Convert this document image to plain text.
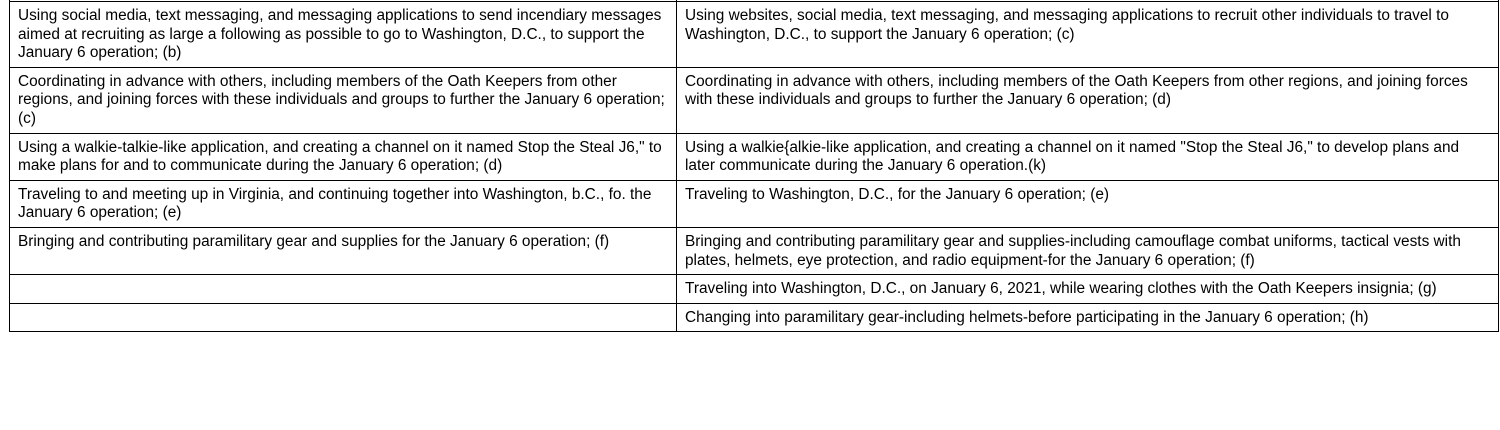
Using social media, text messaging, and messaging applications to send incendiary messages aimed at recruiting as large a following as possible to go to Washington, D.C., to support the January 6 operation; (b)	Using websites, social media, text messaging, and messaging applications to recruit other individuals to travel to Washington, D.C., to support the January 6 operation; (c)
Coordinating in advance with others, including members of the Oath Keepers from other regions, and joining forces with these individuals and groups to further the January 6 operation; (c)	Coordinating in advance with others, including members of the Oath Keepers from other regions, and joining forces with these individuals and groups to further the January 6 operation; (d)
Using a walkie-talkie-like application, and creating a channel on it named Stop the Steal J6," to make plans for and to communicate during the January 6 operation; (d)	Using a walkie{alkie-like application, and creating a channel on it named "Stop the Steal J6," to develop plans and later communicate during the January 6 operation.(k)
Traveling to and meeting up in Virginia, and continuing together into Washington, b.C., fo. the January 6 operation; (e)	Traveling to Washington, D.C., for the January 6 operation; (e)
Bringing and contributing paramilitary gear and supplies for the January 6 operation; (f)	Bringing and contributing paramilitary gear and supplies-including camouflage combat uniforms, tactical vests with plates, helmets, eye protection, and radio equipment-for the January 6 operation; (f)
	Traveling into Washington, D.C., on January 6, 2021, while wearing clothes with the Oath Keepers insignia; (g)
	Changing into paramilitary gear-including helmets-before participating in the January 6 operation; (h)
